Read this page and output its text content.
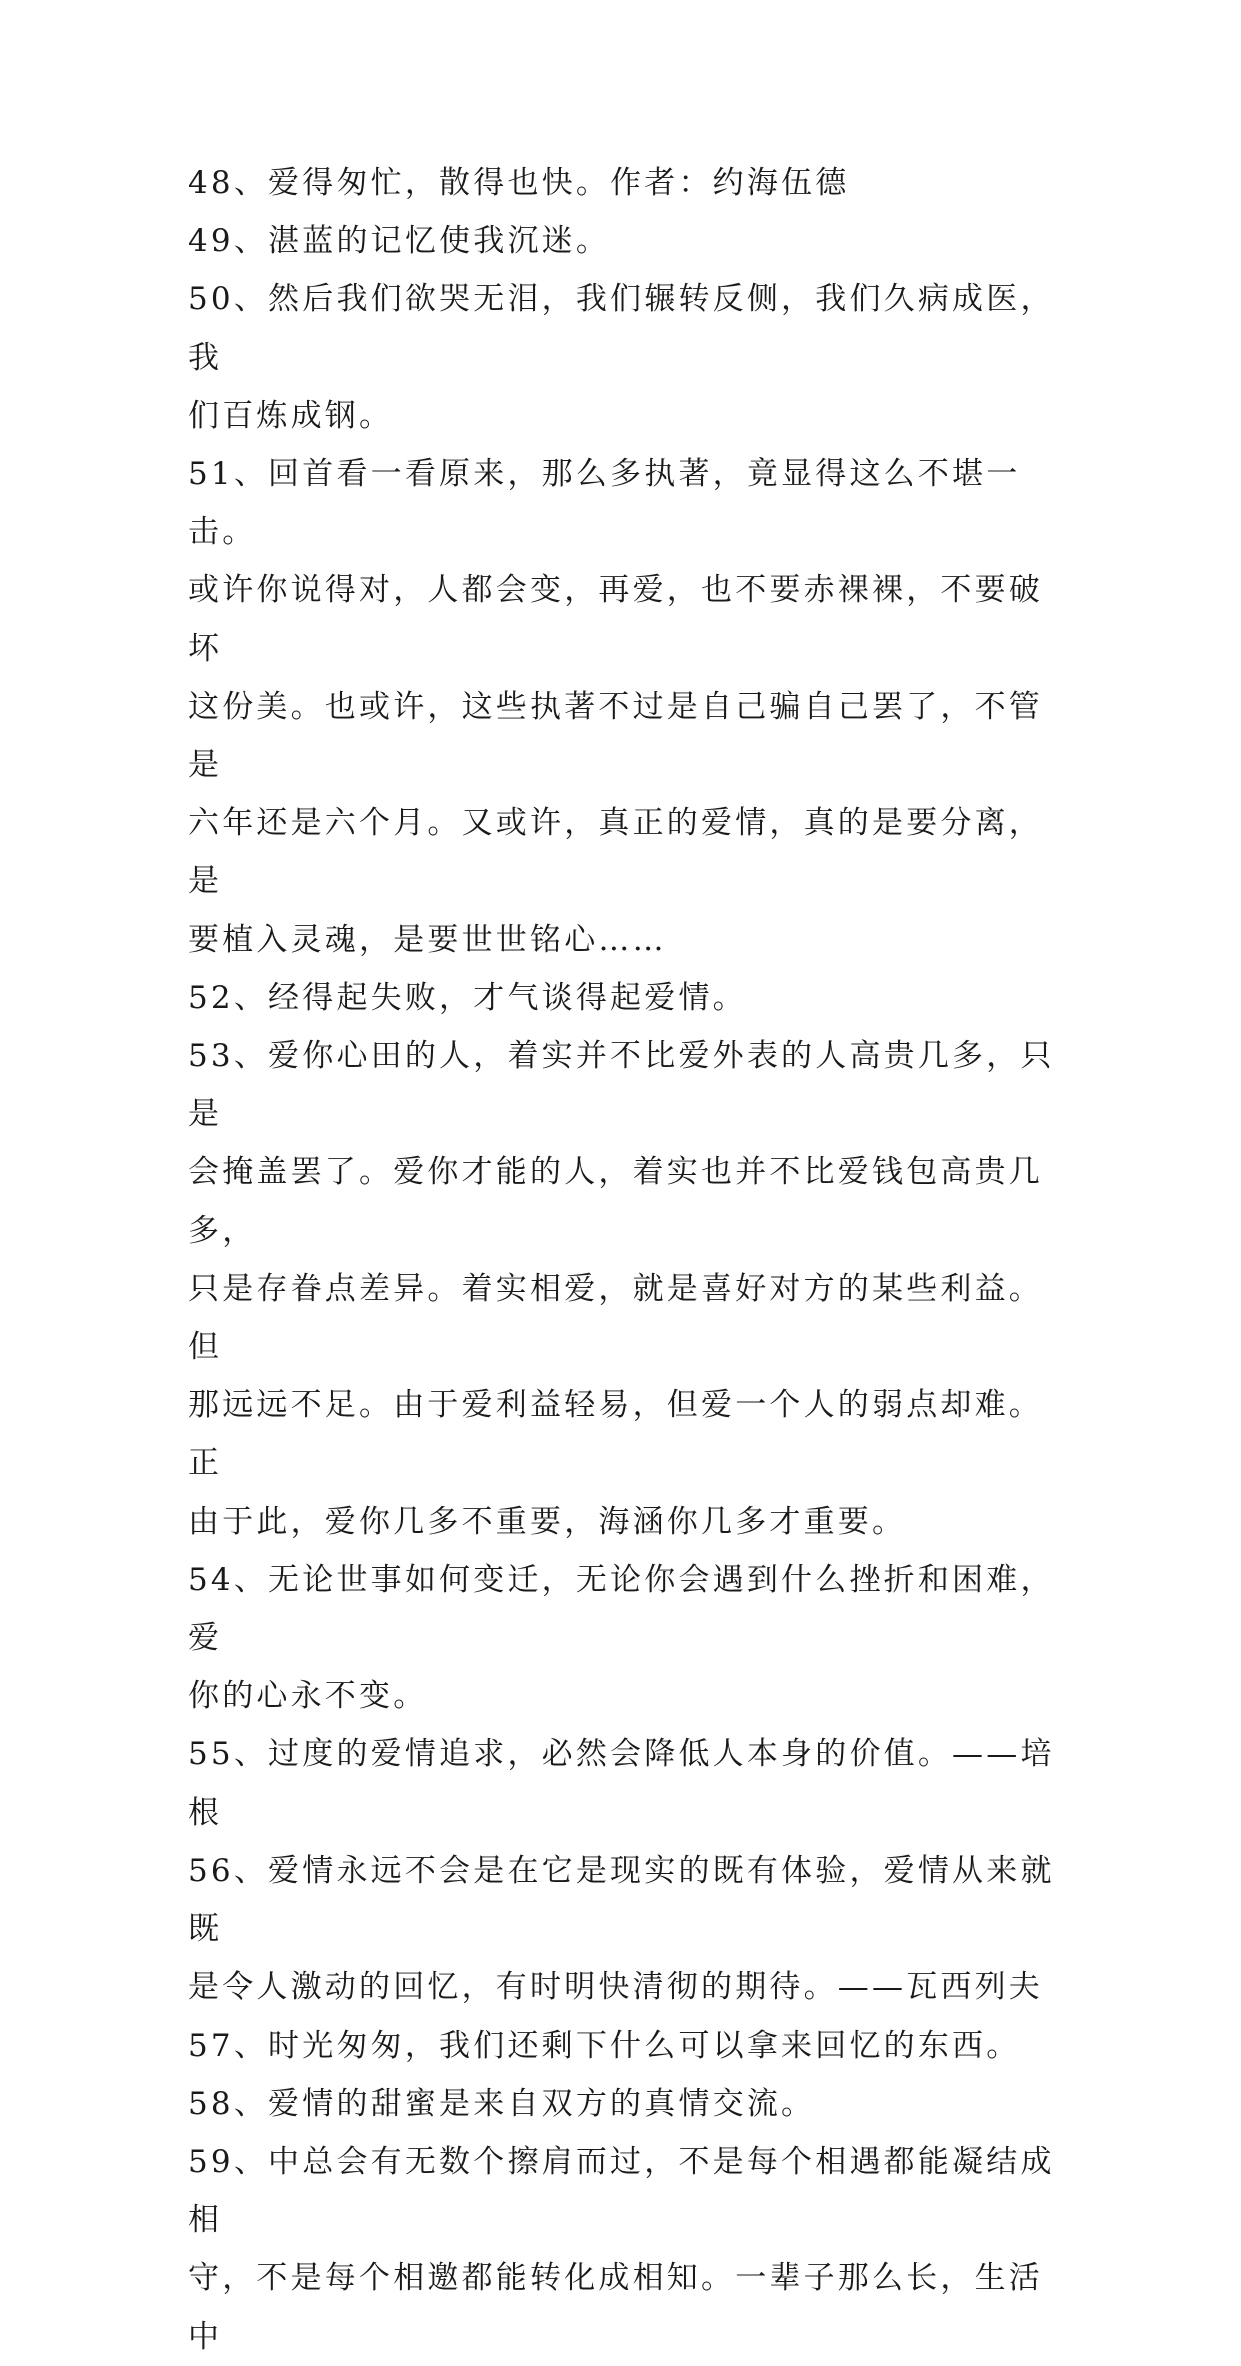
48、爱得匆忙，散得也快。作者：约海伍德

49、湛蓝的记忆使我沉迷。

50、然后我们欲哭无泪，我们辗转反侧，我们久病成医，我
们百炼成钢。

51、回首看一看原来，那么多执著，竟显得这么不堪一击。
或许你说得对，人都会变，再爱，也不要赤裸裸，不要破坏
这份美。也或许，这些执著不过是自己骗自己罢了，不管是
六年还是六个月。又或许，真正的爱情，真的是要分离，是
要植入灵魂，是要世世铭心……

52、经得起失败，才气谈得起爱情。

53、爱你心田的人，着实并不比爱外表的人高贵几多，只是
会掩盖罢了。爱你才能的人，着实也并不比爱钱包高贵几多，
只是存眷点差异。着实相爱，就是喜好对方的某些利益。但
那远远不足。由于爱利益轻易，但爱一个人的弱点却难。正
由于此，爱你几多不重要，海涵你几多才重要。

54、无论世事如何变迁，无论你会遇到什么挫折和困难，爱
你的心永不变。

55、过度的爱情追求，必然会降低人本身的价值。——培根

56、爱情永远不会是在它是现实的既有体验，爱情从来就既
是令人激动的回忆，有时明快清彻的期待。——瓦西列夫

57、时光匆匆，我们还剩下什么可以拿来回忆的东西。

58、爱情的甜蜜是来自双方的真情交流。

59、中总会有无数个擦肩而过，不是每个相遇都能凝结成相
守，不是每个相邀都能转化成相知。一辈子那么长，生活中
